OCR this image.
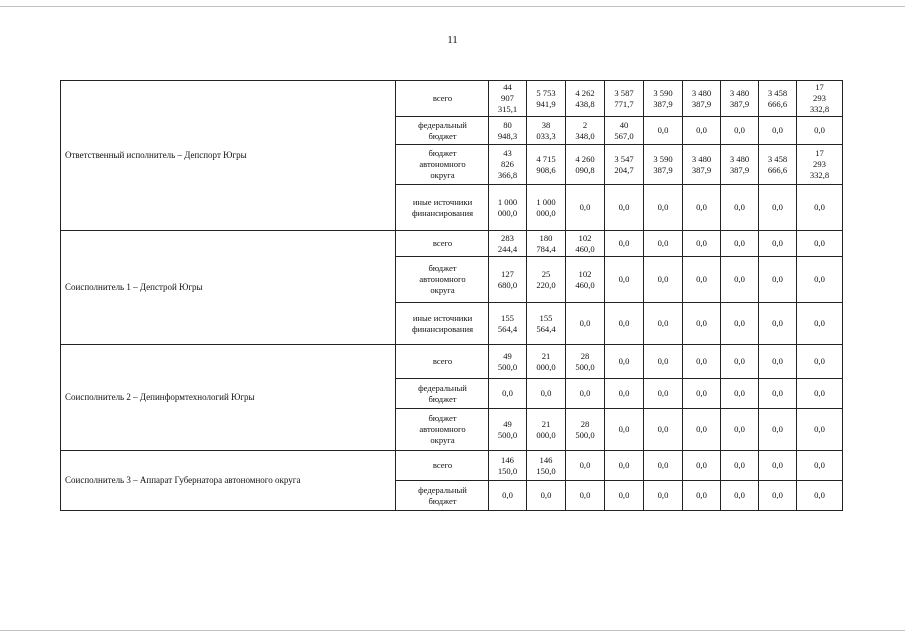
11
Ответственный исполнитель – Депспорт Югры	всего	44
907
315,1	5 753
941,9	4 262
438,8	3 587
771,7	3 590
387,9	3 480
387,9	3 480
387,9	3 458
666,6	17
293
332,8
	федеральный
бюджет	80
948,3	38
033,3	2
348,0	40
567,0	0,0	0,0	0,0	0,0	0,0
	бюджет
автономного
округа	43
826
366,8	4 715
908,6	4 260
090,8	3 547
204,7	3 590
387,9	3 480
387,9	3 480
387,9	3 458
666,6	17
293
332,8
	иные источники
финансирования	1 000
000,0	1 000
000,0	0,0	0,0	0,0	0,0	0,0	0,0	0,0
Соисполнитель 1 – Депстрой Югры	всего	283
244,4	180
784,4	102
460,0	0,0	0,0	0,0	0,0	0,0	0,0
	бюджет
автономного
округа	127
680,0	25
220,0	102
460,0	0,0	0,0	0,0	0,0	0,0	0,0
	иные источники
финансирования	155
564,4	155
564,4	0,0	0,0	0,0	0,0	0,0	0,0	0,0
Соисполнитель 2 – Депинформтехнологий Югры	всего	49
500,0	21
000,0	28
500,0	0,0	0,0	0,0	0,0	0,0	0,0
	федеральный
бюджет	0,0	0,0	0,0	0,0	0,0	0,0	0,0	0,0	0,0
	бюджет
автономного
округа	49
500,0	21
000,0	28
500,0	0,0	0,0	0,0	0,0	0,0	0,0
Соисполнитель 3 – Аппарат Губернатора автономного округа	всего	146
150,0	146
150,0	0,0	0,0	0,0	0,0	0,0	0,0	0,0
	федеральный
бюджет	0,0	0,0	0,0	0,0	0,0	0,0	0,0	0,0	0,0
